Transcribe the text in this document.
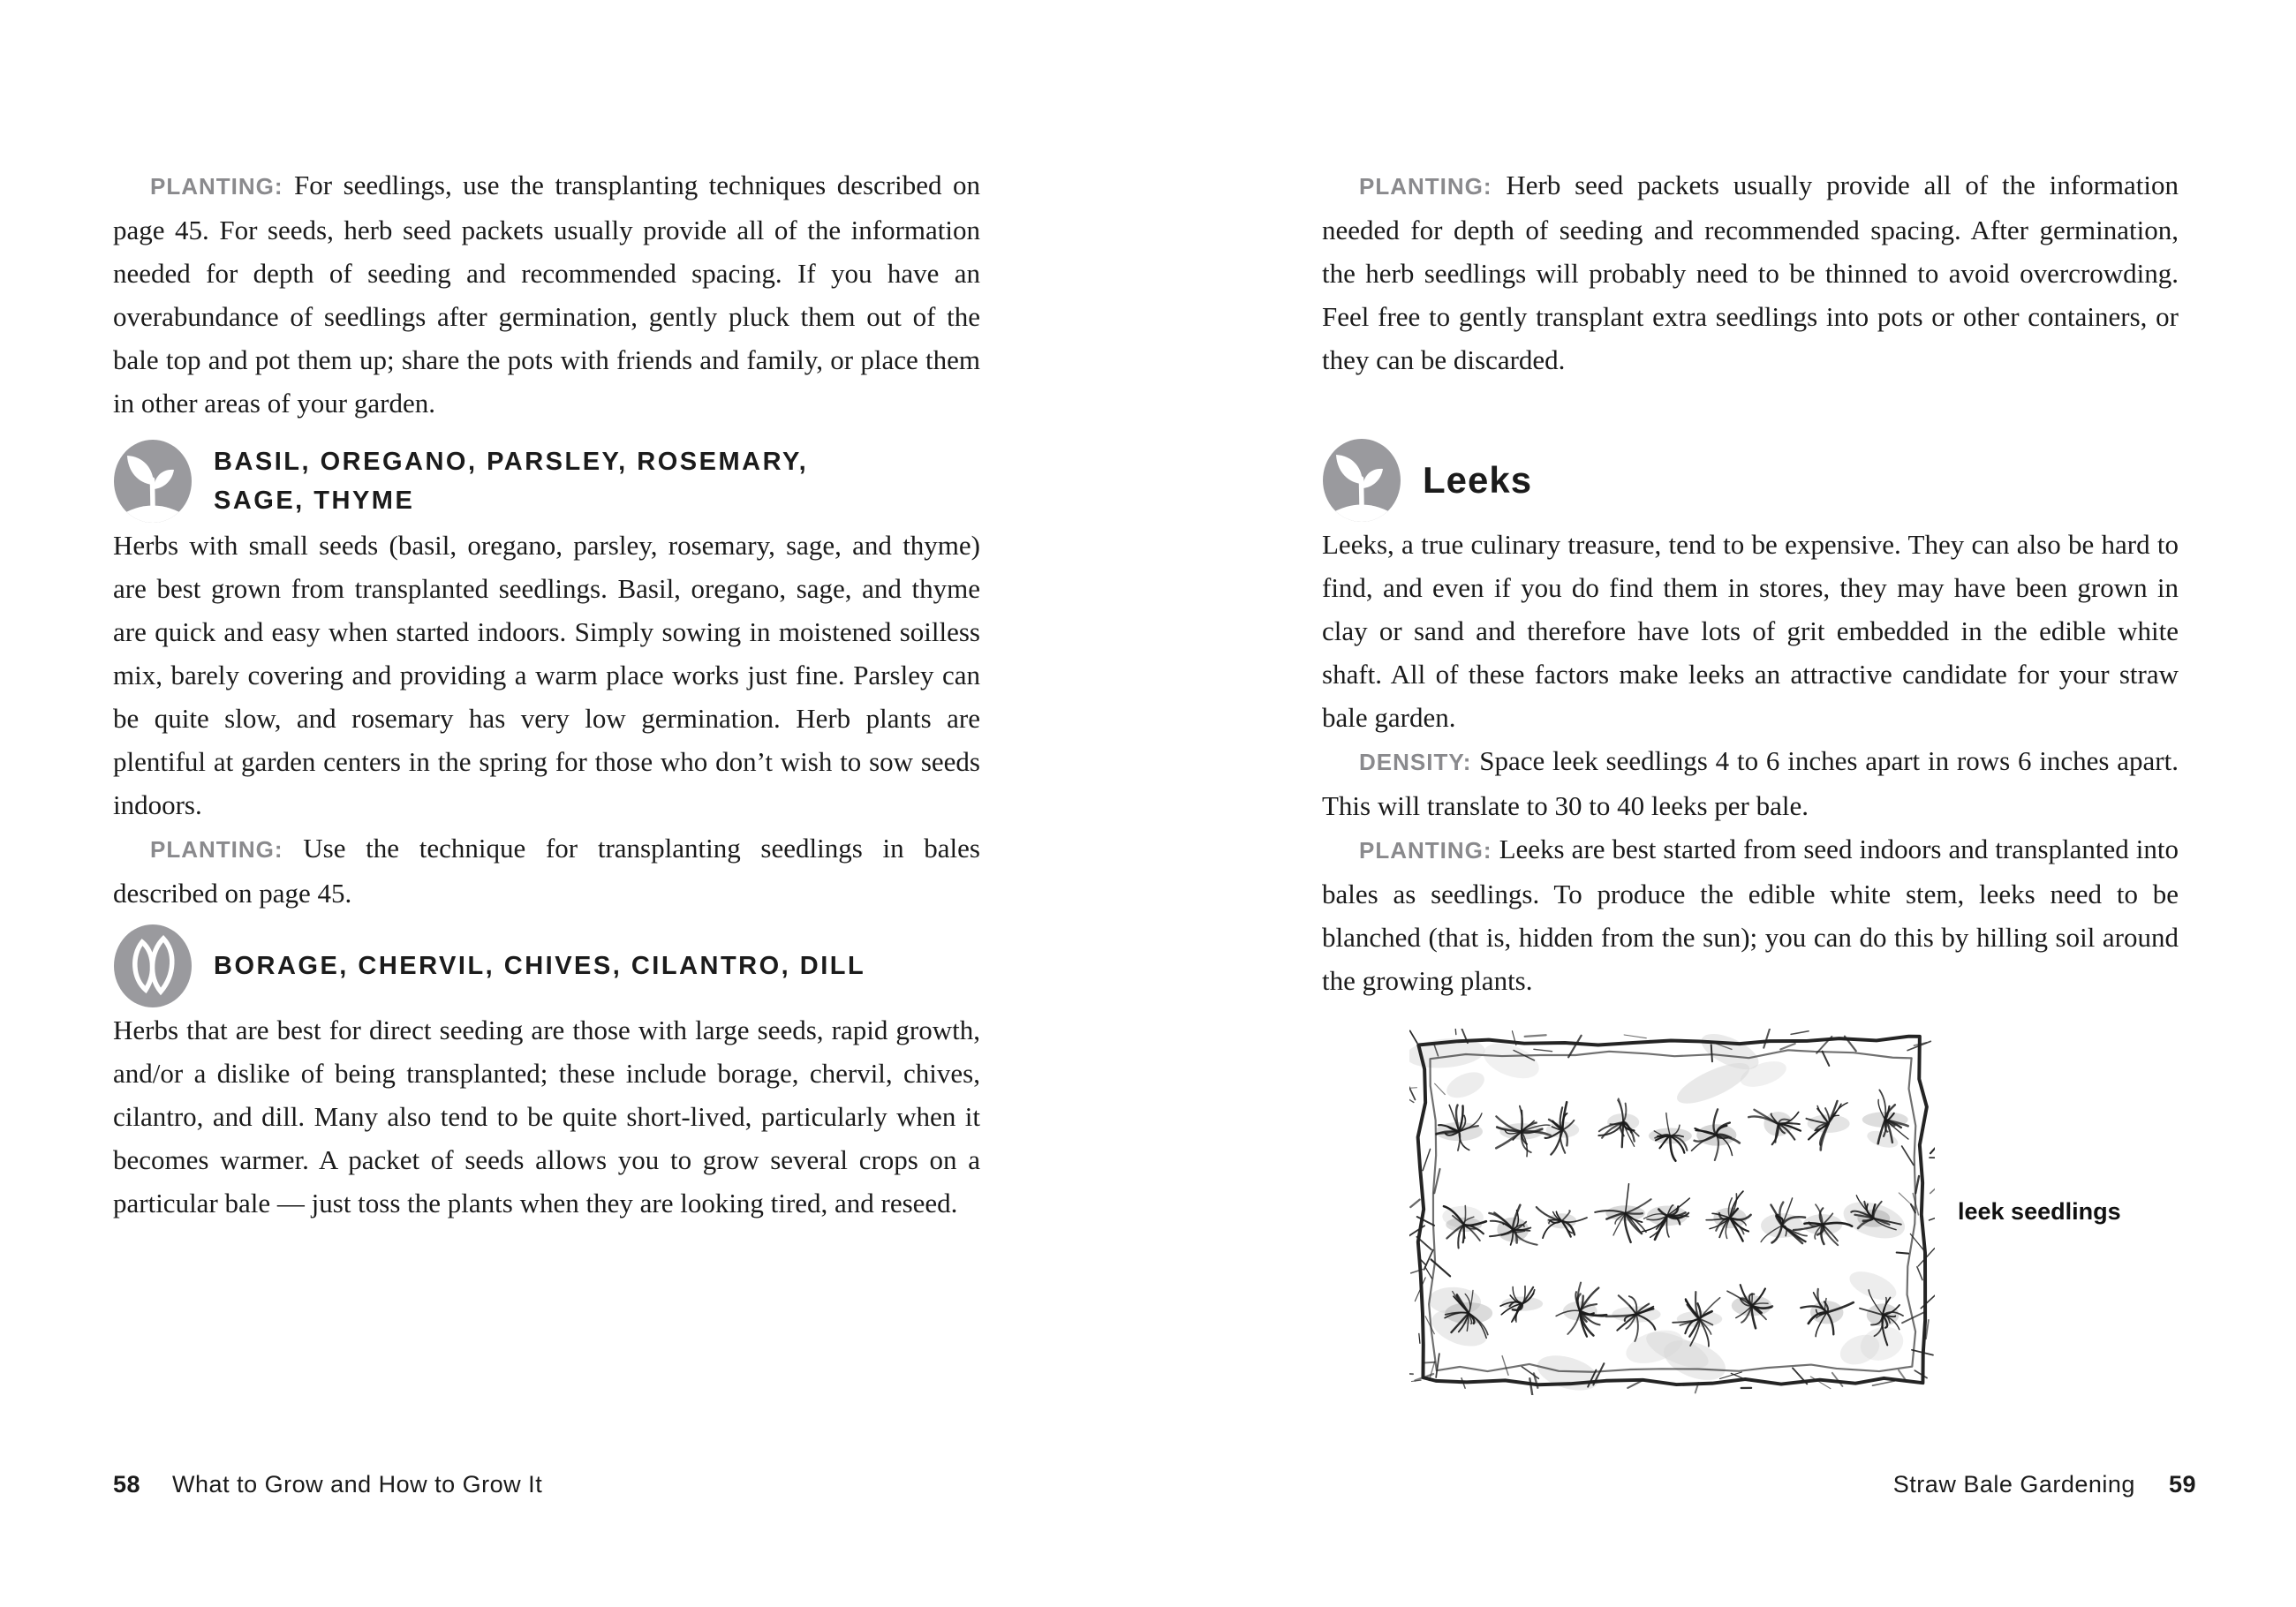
PLANTING: For seedlings, use the transplanting techniques described on page 45. For seeds, herb seed packets usually provide all of the information needed for depth of seeding and recommended spacing. If you have an overabundance of seedlings after germination, gently pluck them out of the bale top and pot them up; share the pots with friends and family, or place them in other areas of your garden.

BASIL, OREGANO, PARSLEY, ROSEMARY,
SAGE, THYME

Herbs with small seeds (basil, oregano, parsley, rosemary, sage, and thyme) are best grown from transplanted seedlings. Basil, oregano, sage, and thyme are quick and easy when started indoors. Simply sowing in moistened soilless mix, barely covering and providing a warm place works just fine. Parsley can be quite slow, and rosemary has very low germination. Herb plants are plentiful at garden centers in the spring for those who don’t wish to sow seeds indoors.

PLANTING: Use the technique for transplanting seedlings in bales described on page 45.

BORAGE, CHERVIL, CHIVES, CILANTRO, DILL

Herbs that are best for direct seeding are those with large seeds, rapid growth, and/or a dislike of being transplanted; these include borage, chervil, chives, cilantro, and dill. Many also tend to be quite short-lived, particularly when it becomes warmer. A packet of seeds allows you to grow several crops on a particular bale — just toss the plants when they are looking tired, and reseed.

58 What to Grow and How to Grow It

PLANTING: Herb seed packets usually provide all of the information needed for depth of seeding and recommended spacing. After germination, the herb seedlings will probably need to be thinned to avoid overcrowding. Feel free to gently transplant extra seedlings into pots or other containers, or they can be discarded.

Leeks

Leeks, a true culinary treasure, tend to be expensive. They can also be hard to find, and even if you do find them in stores, they may have been grown in clay or sand and therefore have lots of grit embedded in the edible white shaft. All of these factors make leeks an attractive candidate for your straw bale garden.

DENSITY: Space leek seedlings 4 to 6 inches apart in rows 6 inches apart. This will translate to 30 to 40 leeks per bale.

PLANTING: Leeks are best started from seed indoors and transplanted into bales as seedlings. To produce the edible white stem, leeks need to be blanched (that is, hidden from the sun); you can do this by hilling soil around the growing plants.

leek seedlings
Straw Bale Gardening 59
